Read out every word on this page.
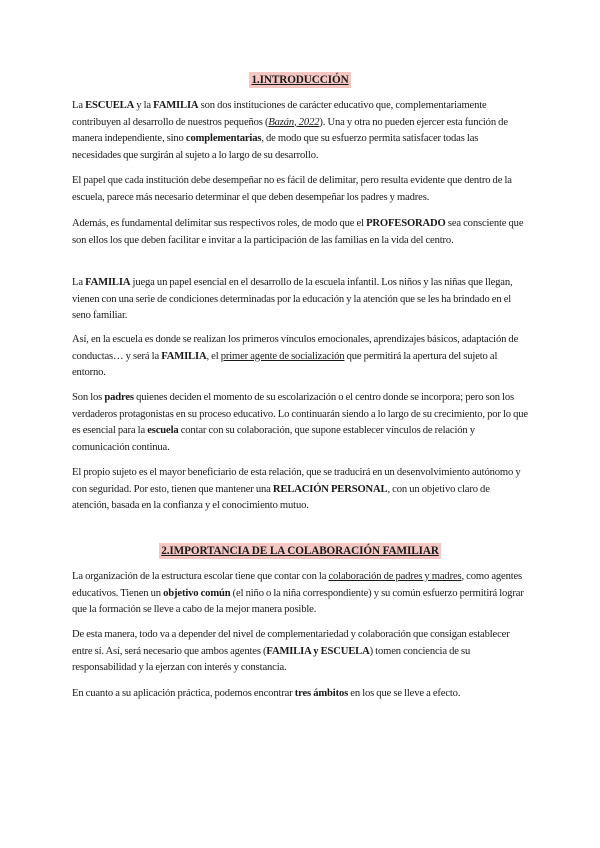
1.INTRODUCCIÓN
La ESCUELA y la FAMILIA son dos instituciones de carácter educativo que, complementariamente contribuyen al desarrollo de nuestros pequeños (Bazán, 2022). Una y otra no pueden ejercer esta función de manera independiente, sino complementarias, de modo que su esfuerzo permita satisfacer todas las necesidades que surgirán al sujeto a lo largo de su desarrollo.
El papel que cada institución debe desempeñar no es fácil de delimitar, pero resulta evidente que dentro de la escuela, parece más necesario determinar el que deben desempeñar los padres y madres.
Además, es fundamental delimitar sus respectivos roles, de modo que el PROFESORADO sea consciente que son ellos los que deben facilitar e invitar a la participación de las familias en la vida del centro.
La FAMILIA juega un papel esencial en el desarrollo de la escuela infantil. Los niños y las niñas que llegan, vienen con una serie de condiciones determinadas por la educación y la atención que se les ha brindado en el seno familiar.
Así, en la escuela es donde se realizan los primeros vínculos emocionales, aprendizajes básicos, adaptación de conductas… y será la FAMILIA, el primer agente de socialización que permitirá la apertura del sujeto al entorno.
Son los padres quienes deciden el momento de su escolarización o el centro donde se incorpora; pero son los verdaderos protagonistas en su proceso educativo. Lo continuarán siendo a lo largo de su crecimiento, por lo que es esencial para la escuela contar con su colaboración, que supone establecer vínculos de relación y comunicación continua.
El propio sujeto es el mayor beneficiario de esta relación, que se traducirá en un desenvolvimiento autónomo y con seguridad. Por esto, tienen que mantener una RELACIÓN PERSONAL, con un objetivo claro de atención, basada en la confianza y el conocimiento mutuo.
2.IMPORTANCIA DE LA COLABORACIÓN FAMILIAR
La organización de la estructura escolar tiene que contar con la colaboración de padres y madres, como agentes educativos. Tienen un objetivo común (el niño o la niña correspondiente) y su común esfuerzo permitirá lograr que la formación se lleve a cabo de la mejor manera posible.
De esta manera, todo va a depender del nivel de complementariedad y colaboración que consigan establecer entre sí. Así, será necesario que ambos agentes (FAMILIA y ESCUELA) tomen conciencia de su responsabilidad y la ejerzan con interés y constancia.
En cuanto a su aplicación práctica, podemos encontrar tres ámbitos en los que se lleve a efecto.
